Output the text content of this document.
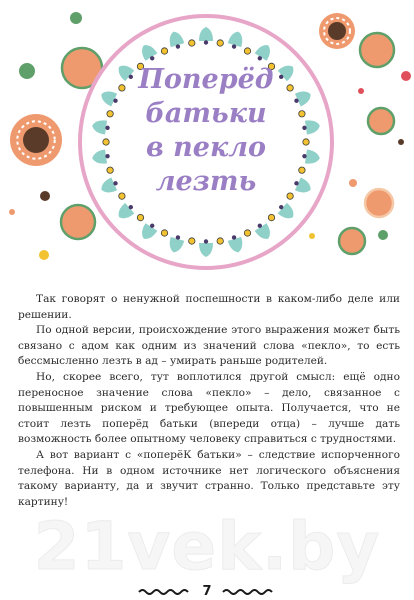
Поперёд
батьки
в пекло
лезть

Так говорят о ненужной поспешности в каком-либо деле или решении.

По одной версии, происхождение этого выражения может быть связано с адом как одним из значений слова «пекло», то есть бессмысленно лезть в ад – умирать раньше родителей.

Но, скорее всего, тут воплотился другой смысл: ещё одно переносное значение слова «пекло» – дело, связанное с повышенным риском и требующее опыта. Получается, что не стоит лезть поперёд батьки (впереди отца) – лучше дать возможность более опытному человеку справиться с трудностями.

А вот вариант с «поперёК батьки» – следствие испорченного телефона. Ни в одном источнике нет логического объяснения такому варианту, да и звучит странно. Только представьте эту картину!

21vek.by
7
